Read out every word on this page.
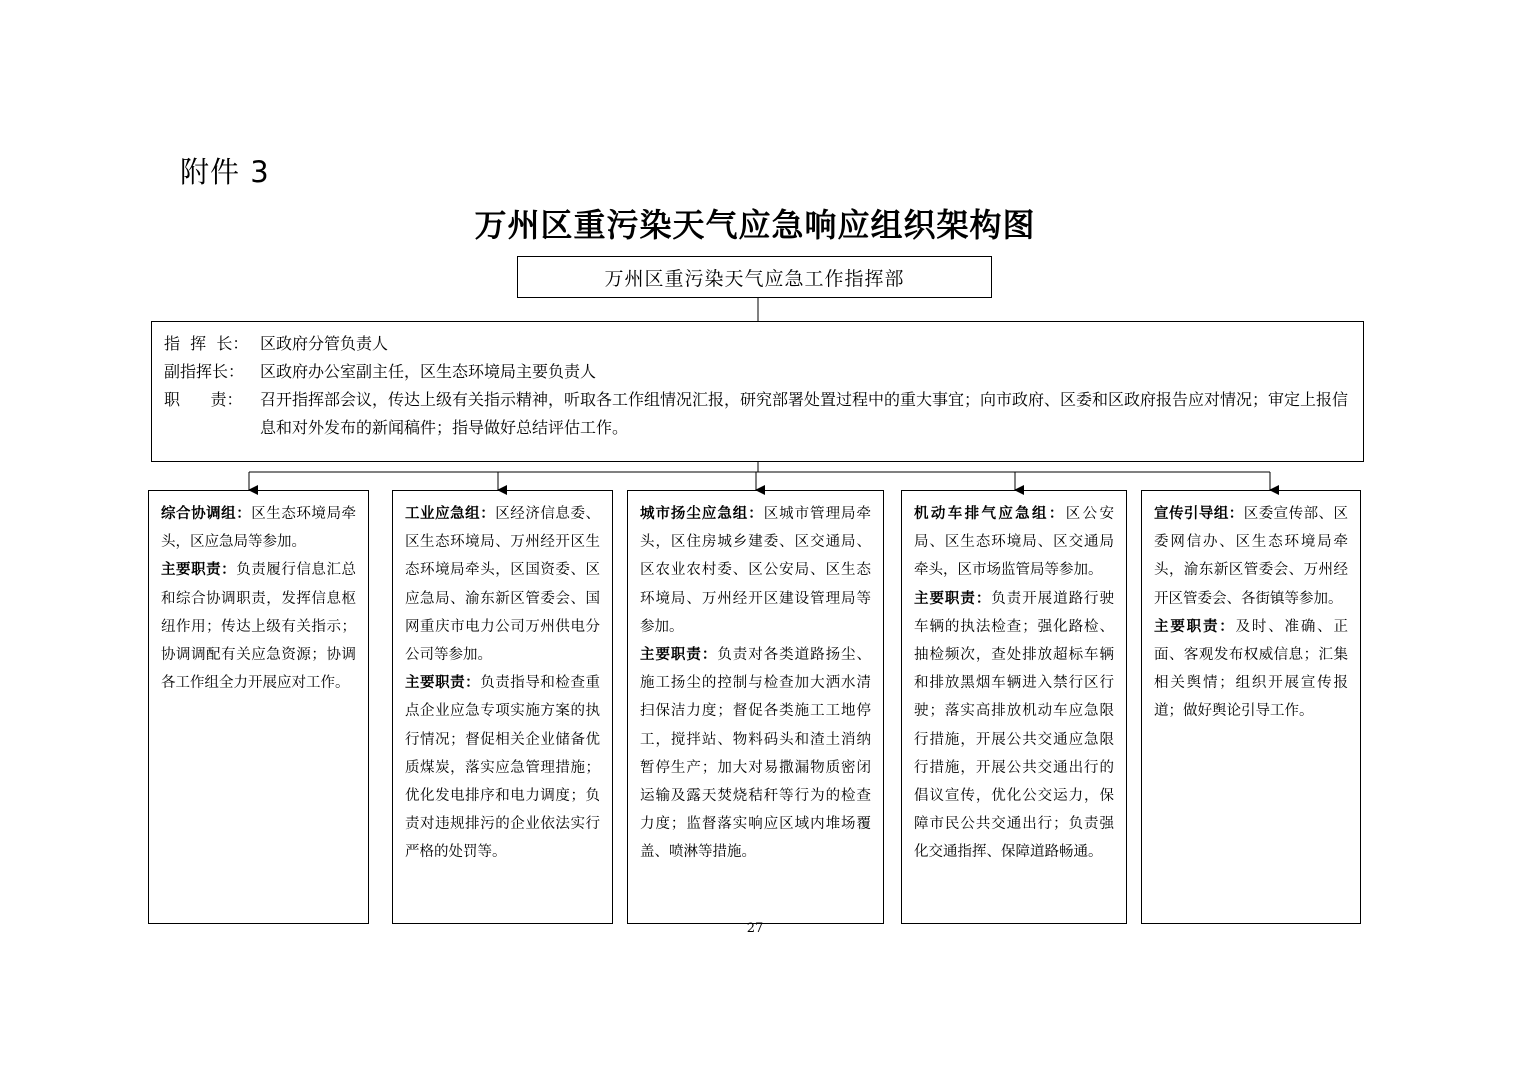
附件 3
万州区重污染天气应急响应组织架构图
万州区重污染天气应急工作指挥部
指  挥  长： 区政府分管负责人
副指挥长： 区政府办公室副主任，区生态环境局主要负责人
职      责：	召开指挥部会议，传达上级有关指示精神，听取各工作组情况汇报，研究部署处置过程中的重大事宜；向市政府、区委和区政府报告应对情况；审定上报信息和对外发布的新闻稿件；指导做好总结评估工作。
综合协调组：区生态环境局牵头，区应急局等参加。
主要职责：负责履行信息汇总和综合协调职责，发挥信息枢纽作用；传达上级有关指示；协调调配有关应急资源；协调各工作组全力开展应对工作。
工业应急组：区经济信息委、区生态环境局、万州经开区生态环境局牵头，区国资委、区应急局、渝东新区管委会、国网重庆市电力公司万州供电分公司等参加。
主要职责：负责指导和检查重点企业应急专项实施方案的执行情况；督促相关企业储备优质煤炭，落实应急管理措施；优化发电排序和电力调度；负责对违规排污的企业依法实行严格的处罚等。
城市扬尘应急组：区城市管理局牵头，区住房城乡建委、区交通局、区农业农村委、区公安局、区生态环境局、万州经开区建设管理局等参加。
主要职责：负责对各类道路扬尘、施工扬尘的控制与检查加大洒水清扫保洁力度；督促各类施工工地停工，搅拌站、物料码头和渣土消纳暂停生产；加大对易撒漏物质密闭运输及露天焚烧秸秆等行为的检查力度；监督落实响应区域内堆场覆盖、喷淋等措施。
机动车排气应急组：区公安局、区生态环境局、区交通局牵头，区市场监管局等参加。
主要职责：负责开展道路行驶车辆的执法检查；强化路检、抽检频次，查处排放超标车辆和排放黑烟车辆进入禁行区行驶；落实高排放机动车应急限行措施，开展公共交通应急限行措施，开展公共交通出行的倡议宣传，优化公交运力，保障市民公共交通出行；负责强化交通指挥、保障道路畅通。
宣传引导组：区委宣传部、区委网信办、区生态环境局牵头，渝东新区管委会、万州经开区管委会、各街镇等参加。
主要职责：及时、准确、正面、客观发布权威信息；汇集相关舆情；组织开展宣传报道；做好舆论引导工作。
27
